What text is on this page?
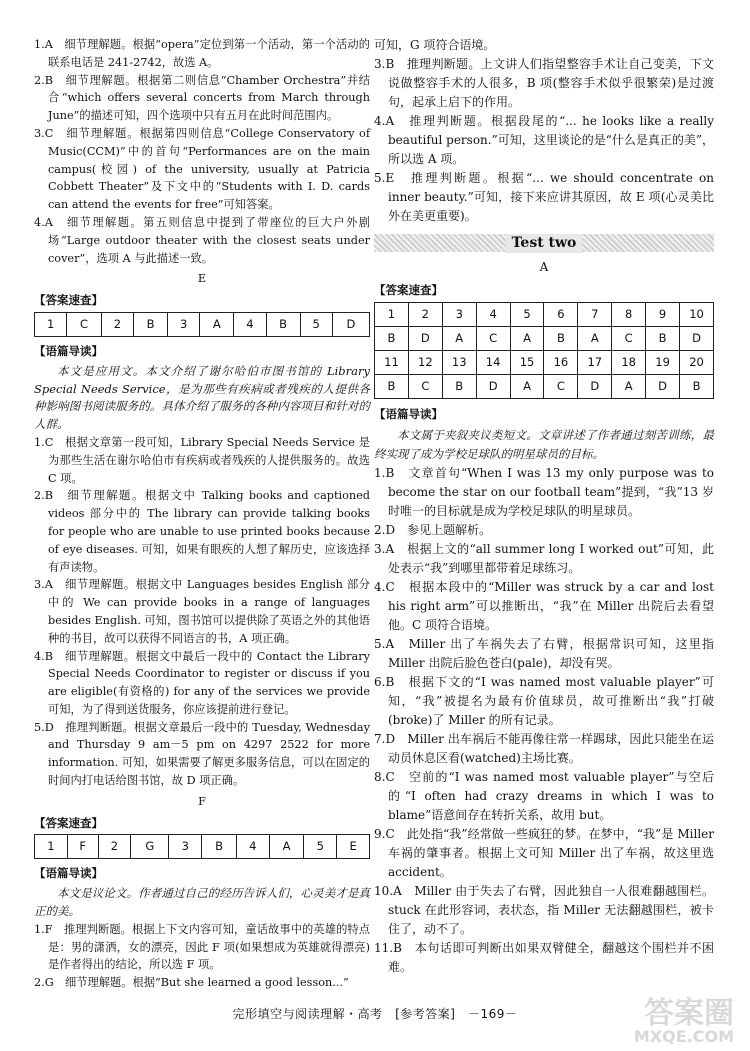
1.A　细节理解题。根据“opera”定位到第一个活动，第一个活动的联系电话是 241-2742，故选 A。

2.B　细节理解题。根据第二则信息“Chamber Orchestra”并结合“which offers several concerts from March through June”的描述可知，四个选项中只有五月在此时间范围内。

3.C　细节理解题。根据第四则信息“College Conservatory of Music(CCM)”中的首句“Performances are on the main campus(校园) of the university, usually at Patricia Cobbett Theater”及下文中的“Students with I. D. cards can attend the events for free”可知答案。

4.A　细节理解题。第五则信息中提到了带座位的巨大户外剧场“Large outdoor theater with the closest seats under cover”，选项 A 与此描述一致。

E
【答案速查】
1	C	2	B	3	A	4	B	5	D
【语篇导读】

本文是应用文。本文介绍了谢尔哈伯市图书馆的 Library Special Needs Service，是为那些有疾病或者残疾的人提供各种影响图书阅读服务的。具体介绍了服务的各种内容项目和针对的人群。

1.C　根据文章第一段可知，Library Special Needs Service 是为那些生活在谢尔哈伯市有疾病或者残疾的人提供服务的。故选 C 项。

2.B　细节理解题。根据文中 Talking books and captioned videos 部分中的 The library can provide talking books for people who are unable to use printed books because of eye diseases. 可知，如果有眼疾的人想了解历史，应该选择有声读物。

3.A　细节理解题。根据文中 Languages besides English 部分中的 We can provide books in a range of languages besides English. 可知，图书馆可以提供除了英语之外的其他语种的书目，故可以获得不同语言的书，A 项正确。

4.B　细节理解题。根据文中最后一段中的 Contact the Library Special Needs Coordinator to register or discuss if you are eligible(有资格的) for any of the services we provide 可知，为了得到送货服务，你应该提前进行登记。

5.D　推理判断题。根据文章最后一段中的 Tuesday, Wednesday and Thursday 9 am－5 pm on 4297 2522 for more information. 可知，如果需要了解更多服务信息，可以在固定的时间内打电话给图书馆，故 D 项正确。

F
【答案速查】
1	F	2	G	3	B	4	A	5	E
【语篇导读】

本文是议论文。作者通过自己的经历告诉人们，心灵美才是真正的美。

1.F　推理判断题。根据上下文内容可知，童话故事中的英雄的特点是：男的潇洒，女的漂亮，因此 F 项(如果想成为英雄就得漂亮)是作者得出的结论，所以选 F 项。

2.G　细节理解题。根据“But she learned a good lesson...”

可知，G 项符合语境。

3.B　推理判断题。上文讲人们指望整容手术让自己变美，下文说做整容手术的人很多，B 项(整容手术似乎很繁荣)是过渡句，起承上启下的作用。

4.A　推理判断题。根据段尾的“... he looks like a really beautiful person.”可知，这里谈论的是“什么是真正的美”，所以选 A 项。

5.E　推理判断题。根据“... we should concentrate on inner beauty.”可知，接下来应讲其原因，故 E 项(心灵美比外在美更重要)。

Test two
A
【答案速查】
1	2	3	4	5	6	7	8	9	10
B	D	A	C	A	B	A	C	B	D
11	12	13	14	15	16	17	18	19	20
B	C	B	D	A	C	D	A	D	B
【语篇导读】

本文属于夹叙夹议类短文。文章讲述了作者通过刻苦训练，最终实现了成为学校足球队的明星球员的目标。

1.B　文章首句“When I was 13 my only purpose was to become the star on our football team”提到，“我”13 岁时唯一的目标就是成为学校足球队的明星球员。

2.D　参见上题解析。

3.A　根据上文的“all summer long I worked out”可知，此处表示“我”到哪里都带着足球练习。

4.C　根据本段中的“Miller was struck by a car and lost his right arm”可以推断出，“我”在 Miller 出院后去看望他。C 项符合语境。

5.A　Miller 出了车祸失去了右臂，根据常识可知，这里指 Miller 出院后脸色苍白(pale)，却没有哭。

6.B　根据下文的“I was named most valuable player”可知，“我”被提名为最有价值球员，故可推断出“我”打破(broke)了 Miller 的所有记录。

7.D　Miller 出车祸后不能再像往常一样踢球，因此只能坐在运动员休息区看(watched)主场比赛。

8.C　空前的“I was named most valuable player”与空后的“I often had crazy dreams in which I was to blame”语意间存在转折关系，故用 but。

9.C　此处指“我”经常做一些疯狂的梦。在梦中，“我”是 Miller 车祸的肇事者。根据上文可知 Miller 出了车祸，故这里选 accident。

10.A　Miller 由于失去了右臂，因此独自一人很难翻越围栏。stuck 在此形容词，表状态，指 Miller 无法翻越围栏，被卡住了，动不了。

11.B　本句话即可判断出如果双臂健全，翻越这个围栏并不困难。

完形填空与阅读理解・高考　[参考答案]　－169－	答案圈
MXQE.COM
